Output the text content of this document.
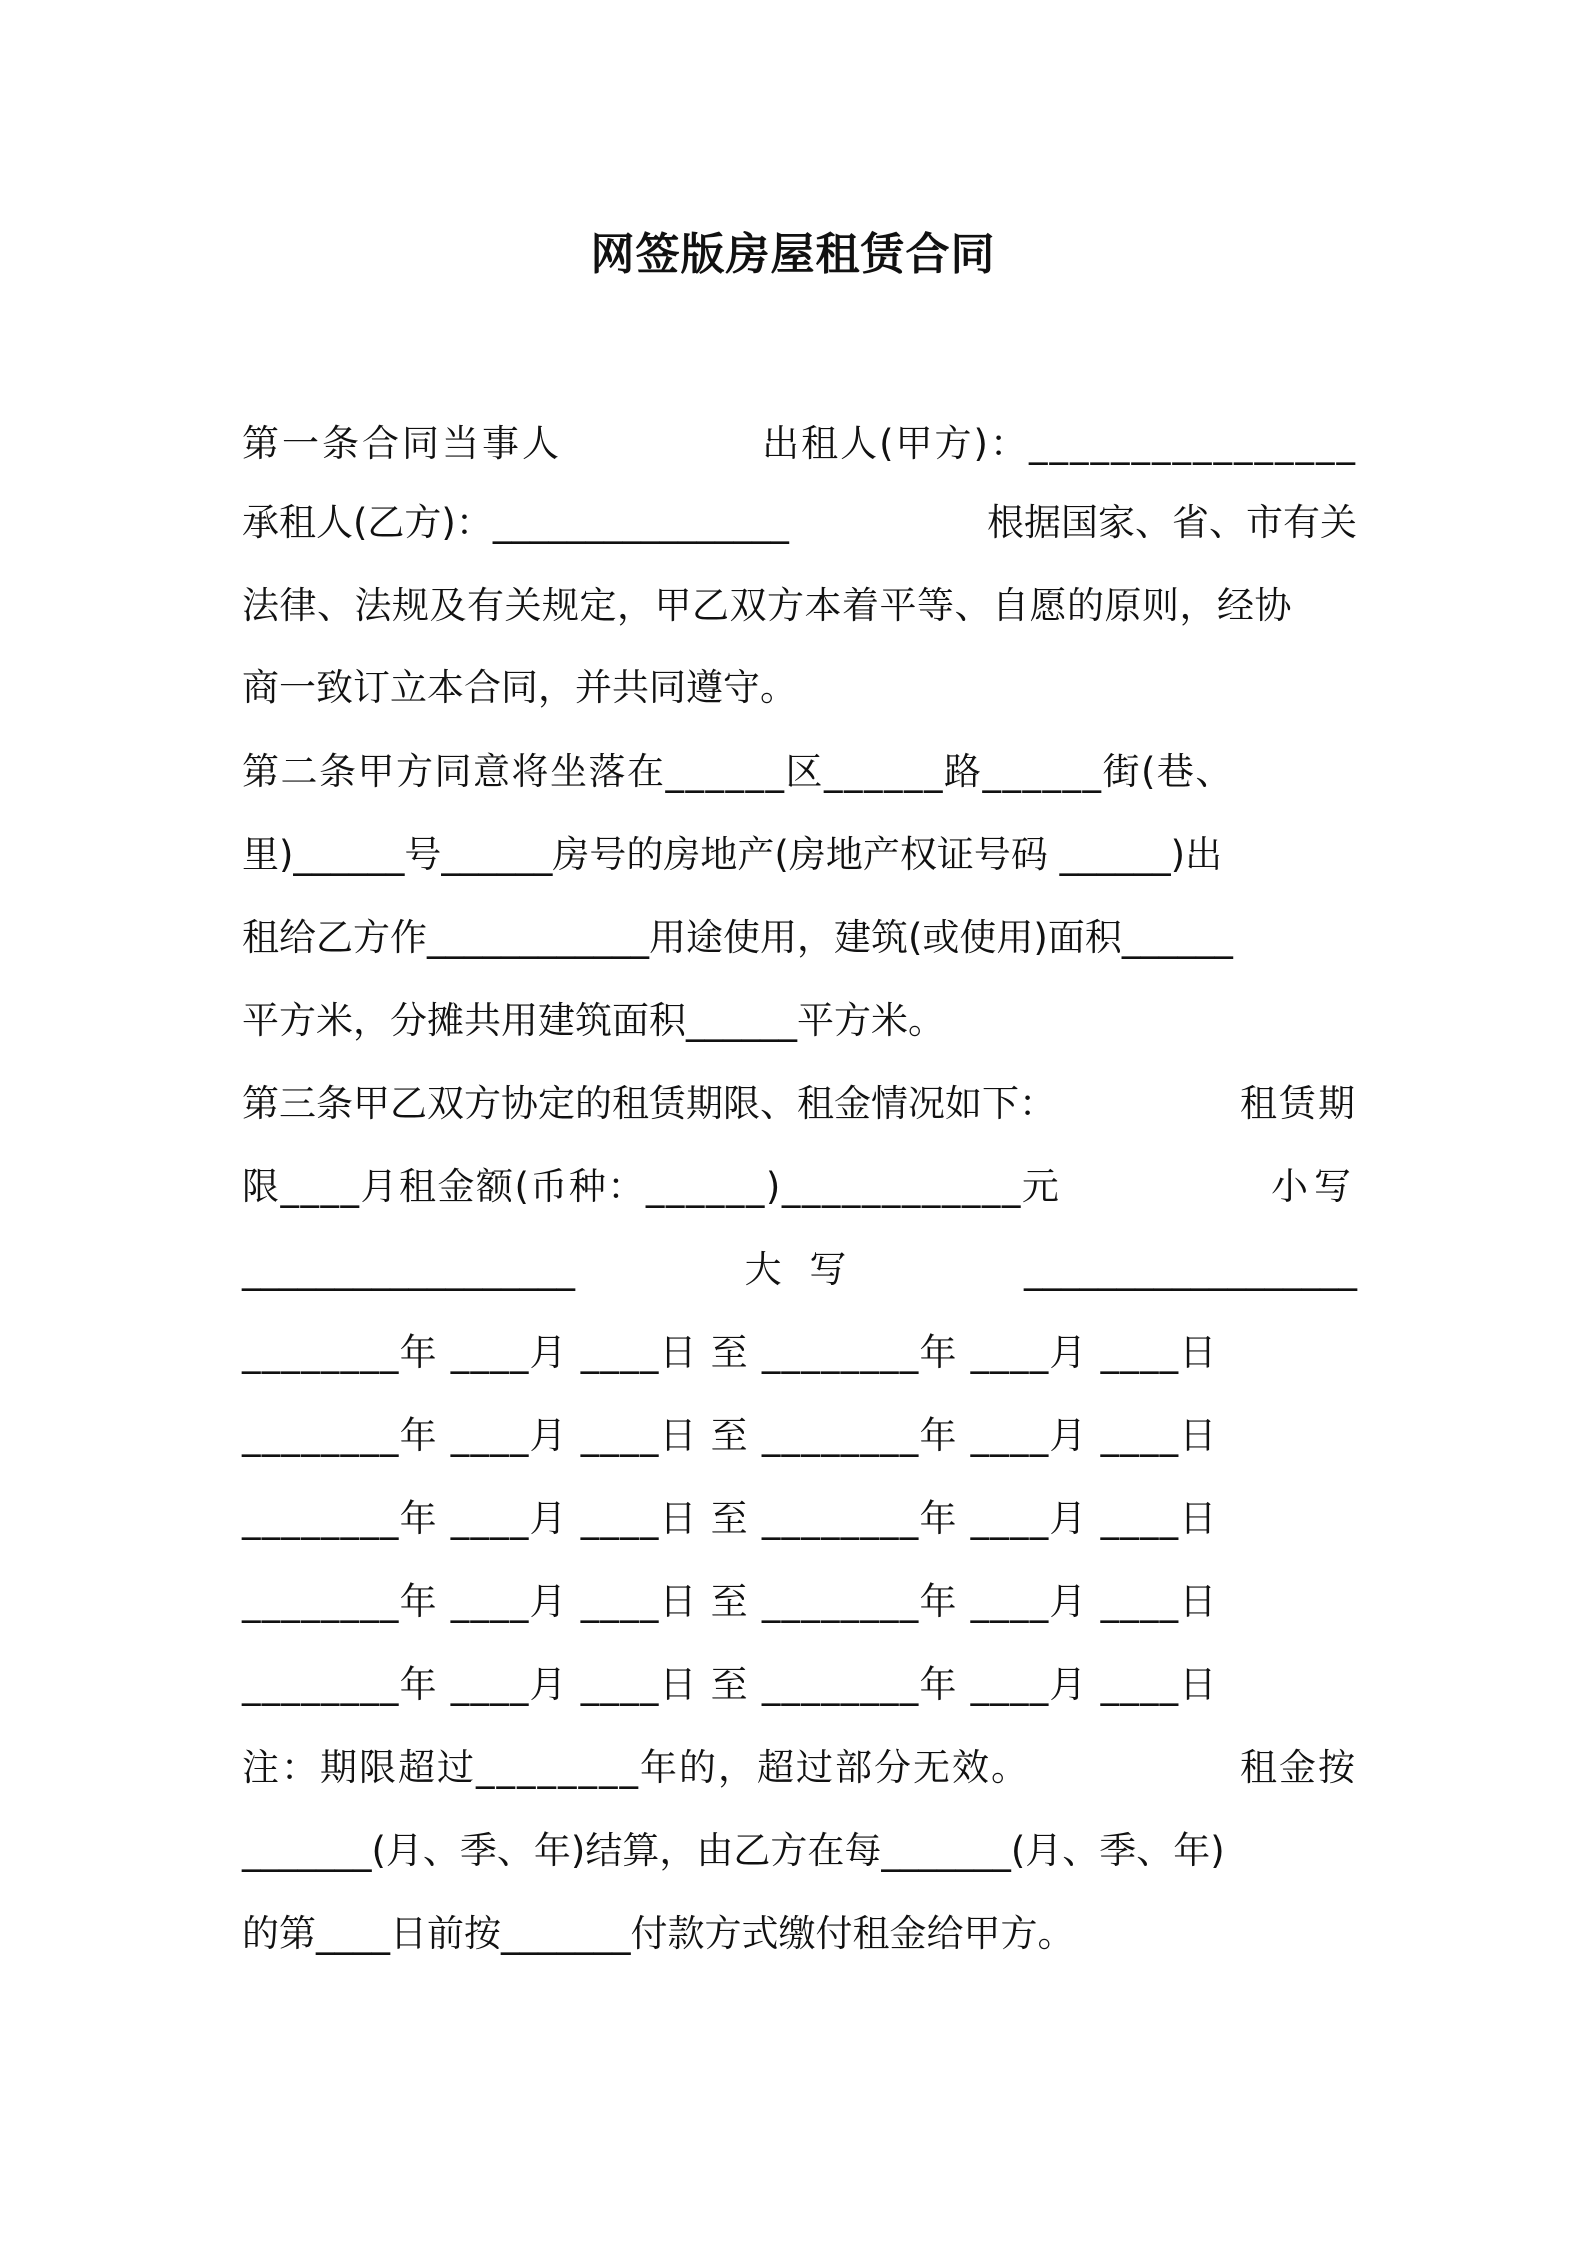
网签版房屋租赁合同
第一条合同当事人	出租人(甲方)：________________
承租人(乙方)：________________	根据国家、省、市有关
法律、法规及有关规定，甲乙双方本着平等、自愿的原则，经协
商一致订立本合同，并共同遵守。
第二条甲方同意将坐落在______区______路______街(巷、
里)______号______房号的房地产(房地产权证号码 ______)出
租给乙方作____________用途使用，建筑(或使用)面积______
平方米，分摊共用建筑面积______平方米。
第三条甲乙双方协定的租赁期限、租金情况如下：	租赁期
限____月租金额(币种：______)____________元	小写
__________________	大 写	__________________
________年 ____月 ____日 至 ________年 ____月 ____日
________年 ____月 ____日 至 ________年 ____月 ____日
________年 ____月 ____日 至 ________年 ____月 ____日
________年 ____月 ____日 至 ________年 ____月 ____日
________年 ____月 ____日 至 ________年 ____月 ____日
注：期限超过________年的，超过部分无效。	租金按
_______(月、季、年)结算，由乙方在每_______(月、季、年)
的第____日前按_______付款方式缴付租金给甲方。
